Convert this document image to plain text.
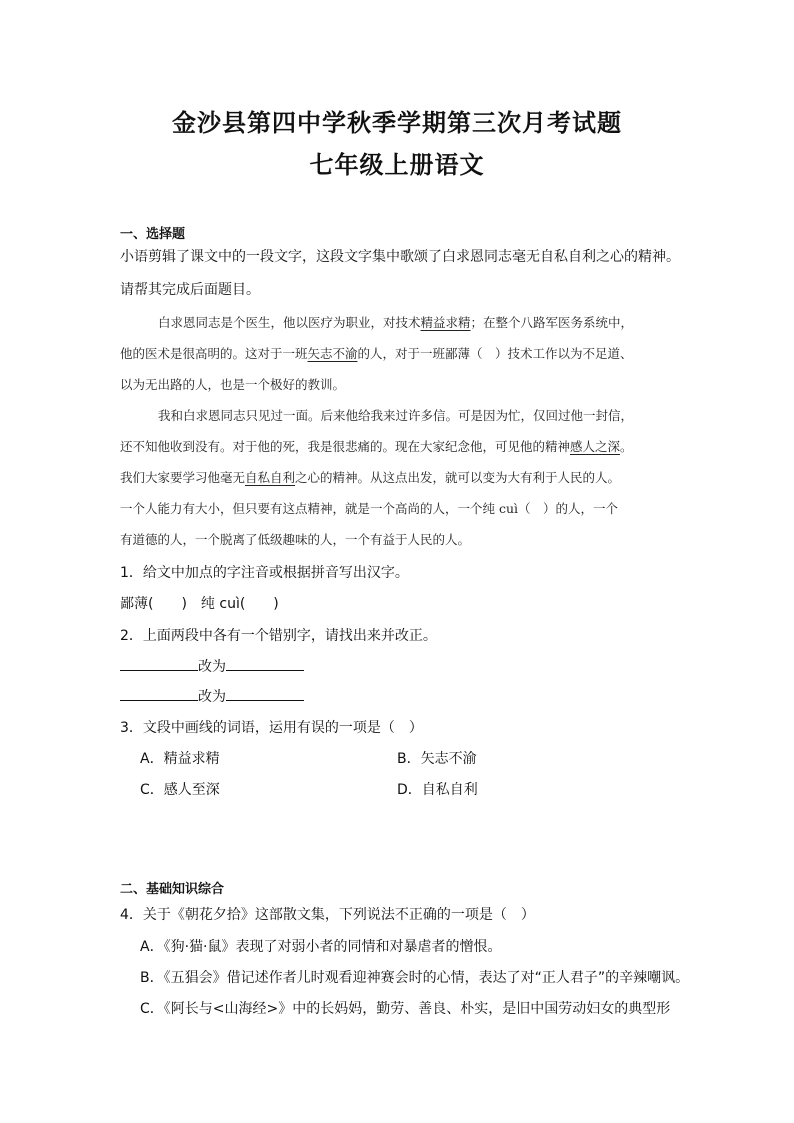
金沙县第四中学秋季学期第三次月考试题
七年级上册语文
一、选择题
小语剪辑了课文中的一段文字，这段文字集中歌颂了白求恩同志毫无自私自利之心的精神。
请帮其完成后面题目。
白求恩同志是个医生，他以医疗为职业，对技术精益求精；在整个八路军医务系统中，
他的医术是很高明的。这对于一班矢志不渝的人，对于一班鄙薄（　）技术工作以为不足道、
以为无出路的人，也是一个极好的教训。
我和白求恩同志只见过一面。后来他给我来过许多信。可是因为忙，仅回过他一封信，
还不知他收到没有。对于他的死，我是很悲痛的。现在大家纪念他，可见他的精神感人之深。
我们大家要学习他毫无自私自利之心的精神。从这点出发，就可以变为大有利于人民的人。
一个人能力有大小，但只要有这点精神，就是一个高尚的人，一个纯 cuì（　）的人，一个
有道德的人，一个脱离了低级趣味的人，一个有益于人民的人。
1．给文中加点的字注音或根据拼音写出汉字。
鄙薄(　　)　纯 cuì(　　)
2．上面两段中各有一个错别字，请找出来并改正。
改为
改为
3．文段中画线的词语，运用有误的一项是（　）
A．精益求精	B．矢志不渝
C．感人至深	D．自私自利
二、基础知识综合
4．关于《朝花夕拾》这部散文集，下列说法不正确的一项是（　）
A．《狗·猫·鼠》表现了对弱小者的同情和对暴虐者的憎恨。
B．《五猖会》借记述作者儿时观看迎神赛会时的心情，表达了对“正人君子”的辛辣嘲讽。
C．《阿长与<山海经>》中的长妈妈，勤劳、善良、朴实，是旧中国劳动妇女的典型形
